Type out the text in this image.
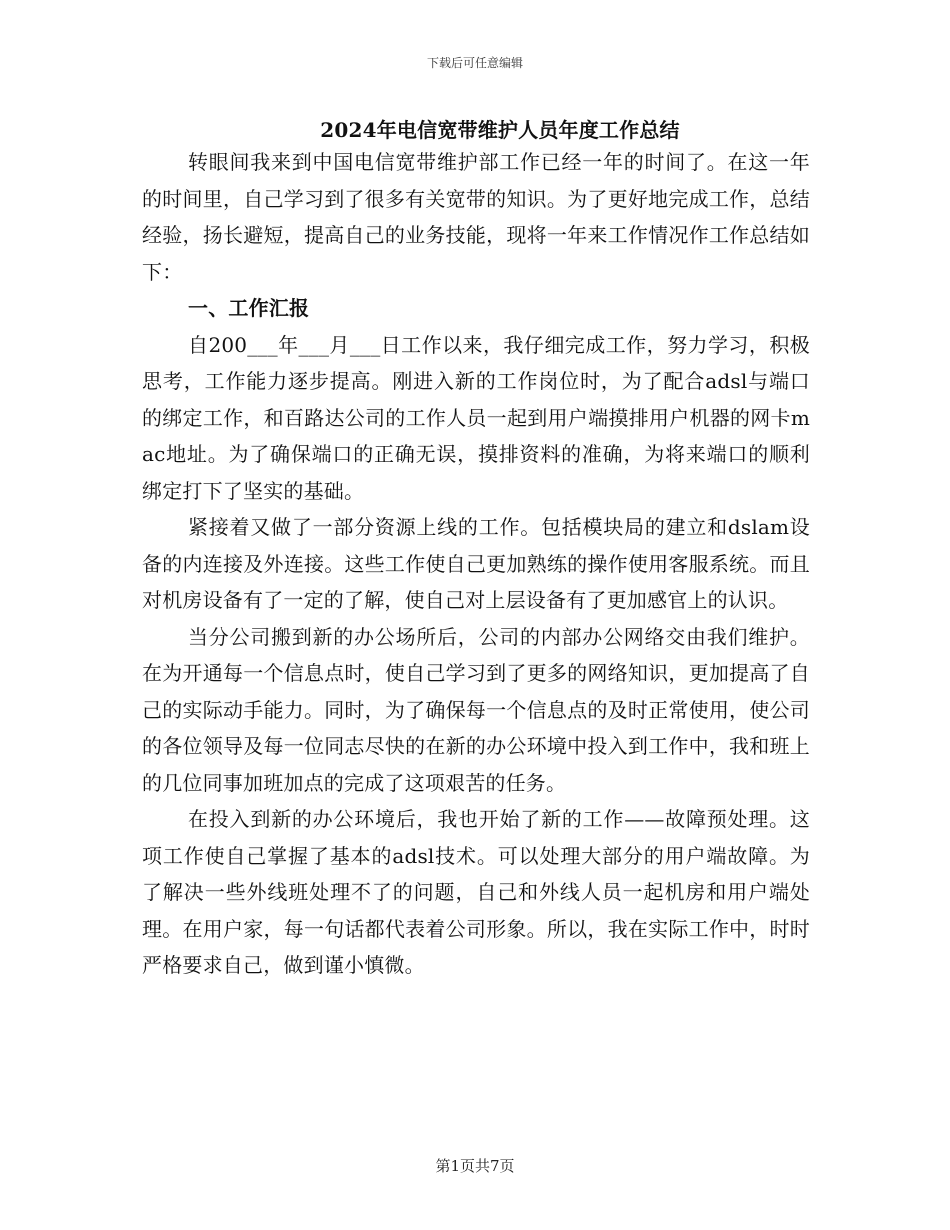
下载后可任意编辑
2024年电信宽带维护人员年度工作总结

转眼间我来到中国电信宽带维护部工作已经一年的时间了。在这一年的时间里，自己学习到了很多有关宽带的知识。为了更好地完成工作，总结经验，扬长避短，提高自己的业务技能，现将一年来工作情况作工作总结如下：

一、工作汇报

自200___年___月___日工作以来，我仔细完成工作，努力学习，积极思考，工作能力逐步提高。刚进入新的工作岗位时，为了配合adsl与端口的绑定工作，和百路达公司的工作人员一起到用户端摸排用户机器的网卡mac地址。为了确保端口的正确无误，摸排资料的准确，为将来端口的顺利绑定打下了坚实的基础。

紧接着又做了一部分资源上线的工作。包括模块局的建立和dslam设备的内连接及外连接。这些工作使自己更加熟练的操作使用客服系统。而且对机房设备有了一定的了解，使自己对上层设备有了更加感官上的认识。

当分公司搬到新的办公场所后，公司的内部办公网络交由我们维护。在为开通每一个信息点时，使自己学习到了更多的网络知识，更加提高了自己的实际动手能力。同时，为了确保每一个信息点的及时正常使用，使公司的各位领导及每一位同志尽快的在新的办公环境中投入到工作中，我和班上的几位同事加班加点的完成了这项艰苦的任务。

在投入到新的办公环境后，我也开始了新的工作——故障预处理。这项工作使自己掌握了基本的adsl技术。可以处理大部分的用户端故障。为了解决一些外线班处理不了的问题，自己和外线人员一起机房和用户端处理。在用户家，每一句话都代表着公司形象。所以，我在实际工作中，时时严格要求自己，做到谨小慎微。

第1页共7页
